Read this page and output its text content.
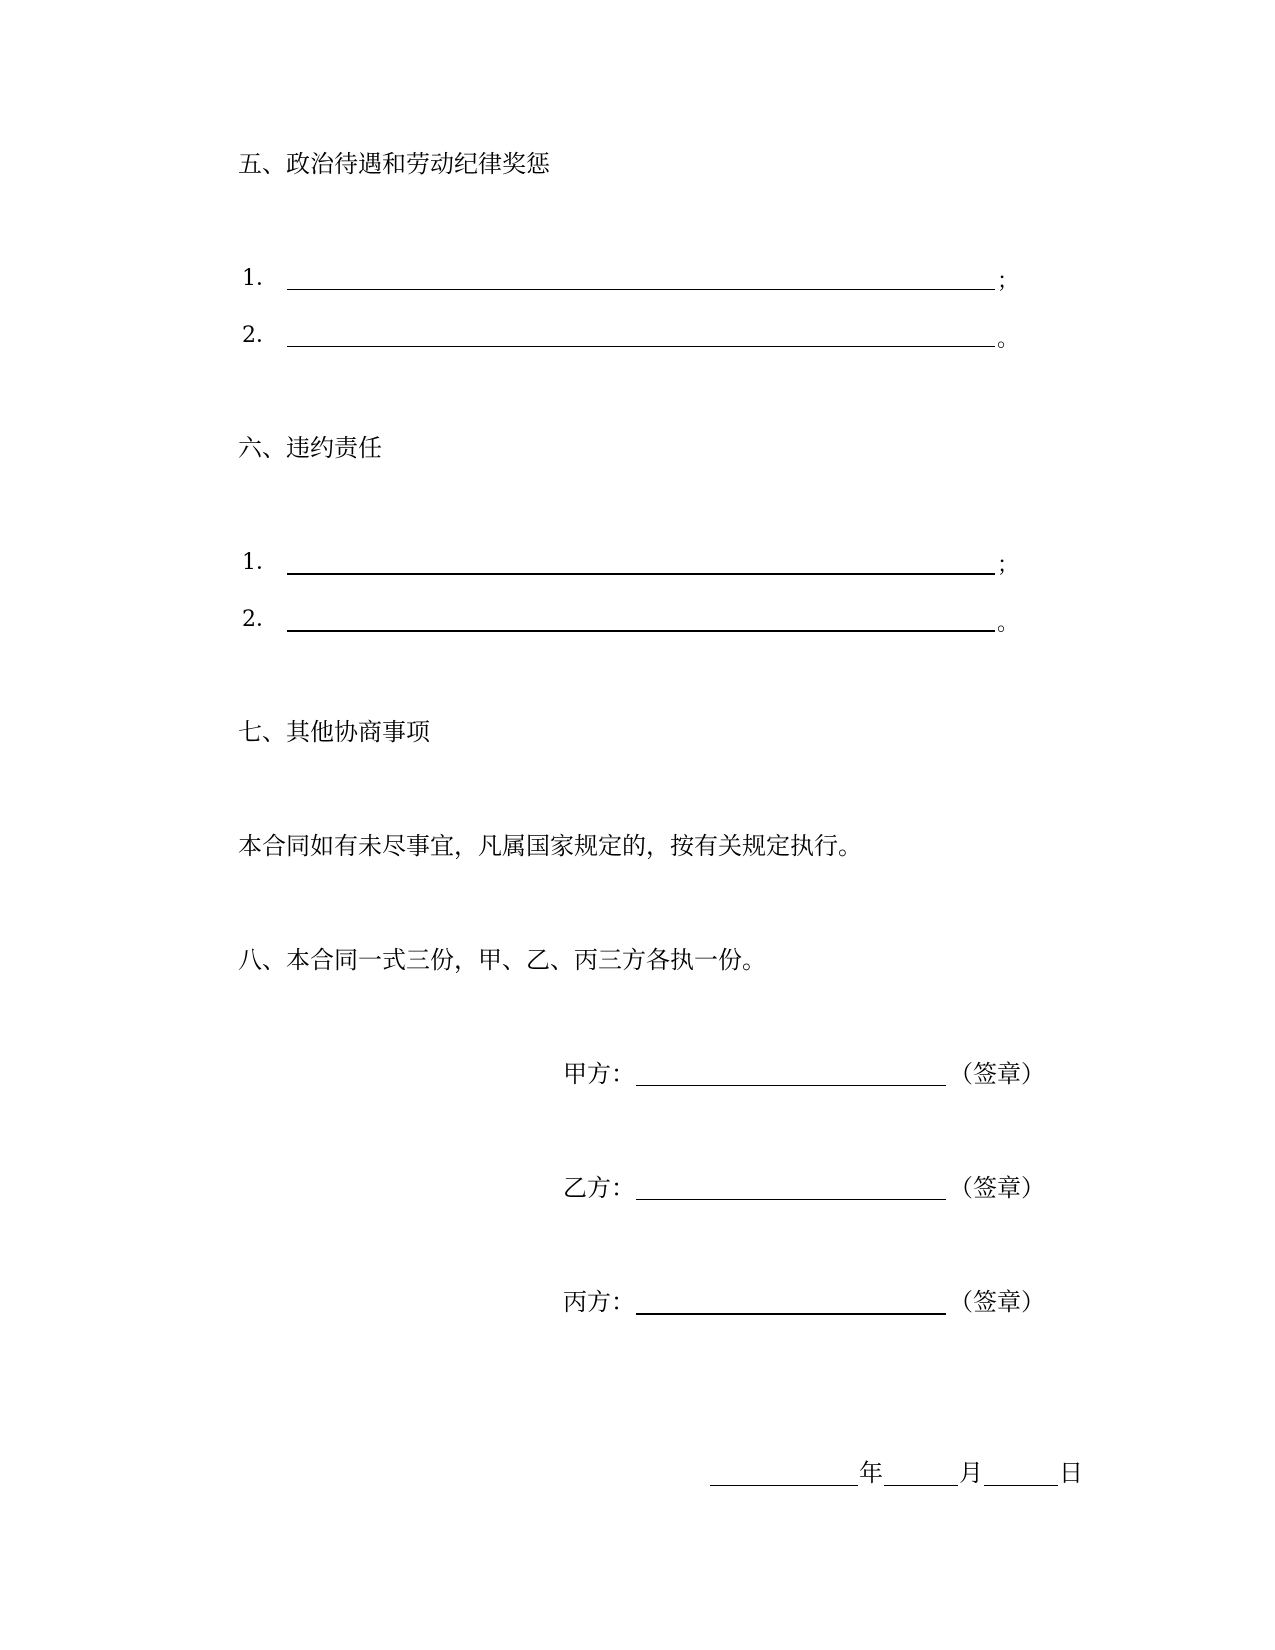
五、政治待遇和劳动纪律奖惩
1．	；
2．	。
六、违约责任
1．	；
2．	。
七、其他协商事项
本合同如有未尽事宜，凡属国家规定的，按有关规定执行。
八、本合同一式三份，甲、乙、丙三方各执一份。
甲方：	（签章）
乙方：	（签章）
丙方：	（签章）
年	月	日
